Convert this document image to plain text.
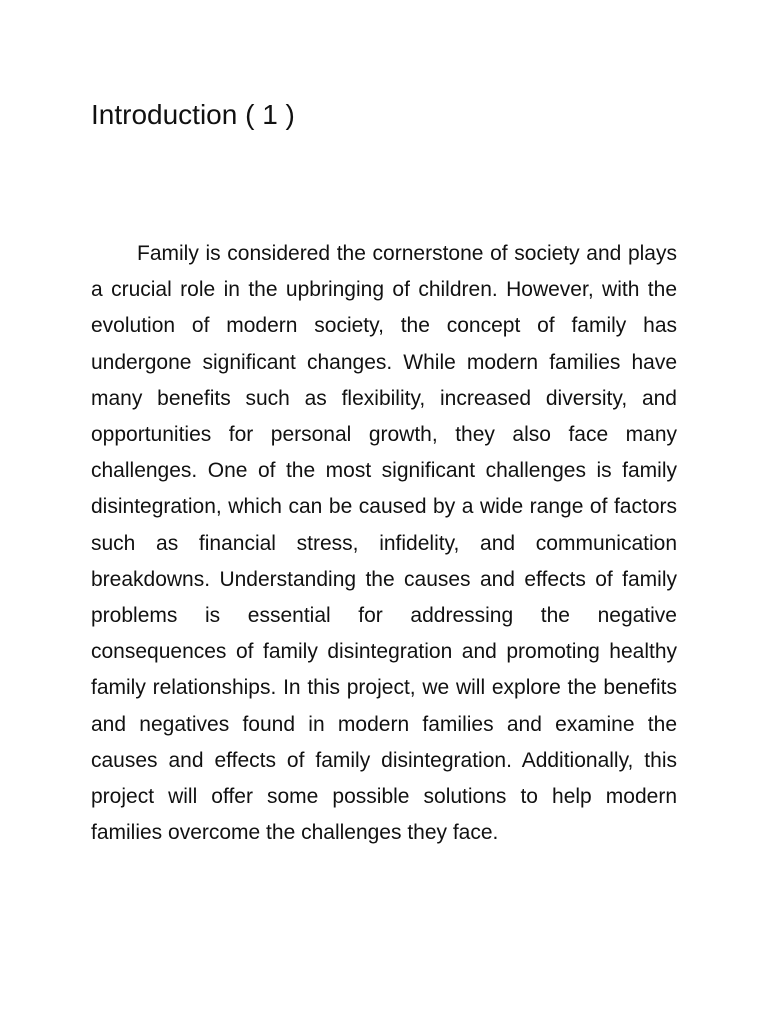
Introduction ( 1 )

Family is considered the cornerstone of society and plays a crucial role in the upbringing of children. However, with the evolution of modern society, the concept of family has undergone significant changes. While modern families have many benefits such as flexibility, increased diversity, and opportunities for personal growth, they also face many challenges. One of the most significant challenges is family disintegration, which can be caused by a wide range of factors such as financial stress, infidelity, and communication breakdowns. Understanding the causes and effects of family problems is essential for addressing the negative consequences of family disintegration and promoting healthy family relationships. In this project, we will explore the benefits and negatives found in modern families and examine the causes and effects of family disintegration. Additionally, this project will offer some possible solutions to help modern families overcome the challenges they face.
